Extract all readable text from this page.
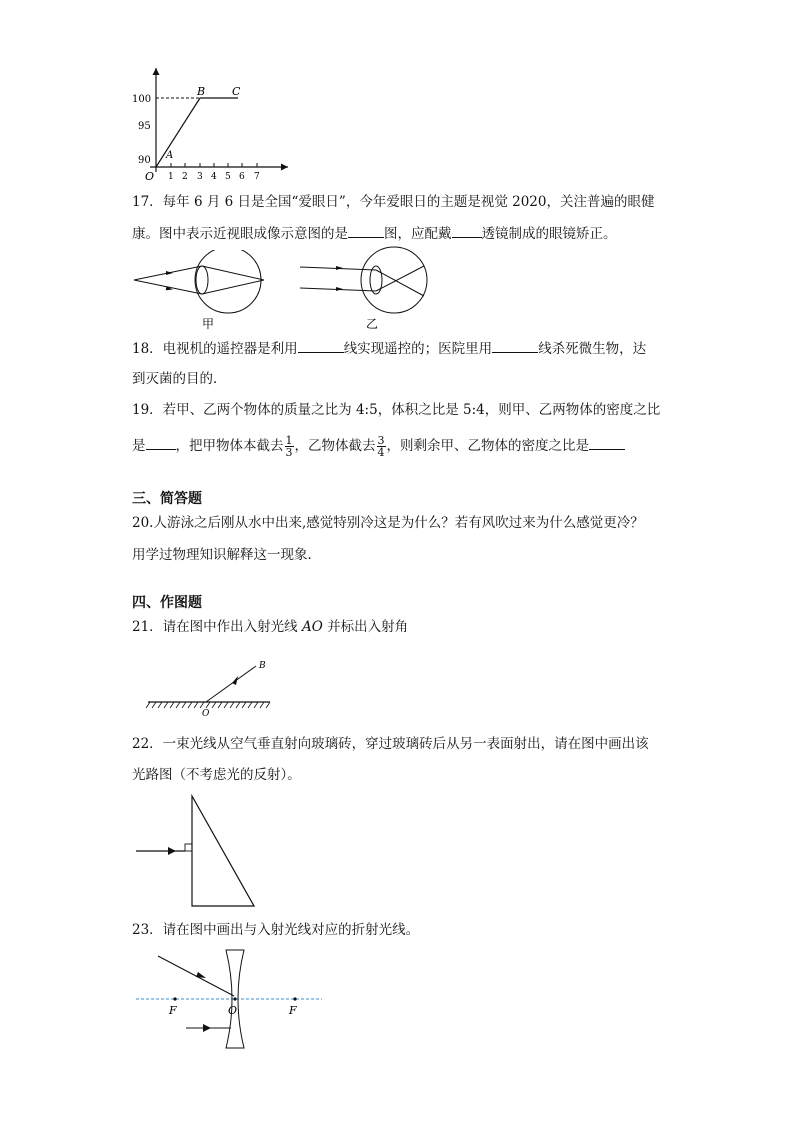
100
95
90
1 2 3 4 5 6 7
O
A
B C
17．每年 6 月 6 日是全国“爱眼日”，今年爱眼日的主题是视觉 2020，关注普遍的眼健
康。图中表示近视眼成像示意图的是	图，应配戴 透镜制成的眼镜矫正。
甲	乙
18．电视机的遥控器是利用	线实现遥控的；医院里用	线杀死微生物，达
到灭菌的目的．
19．若甲、乙两个物体的质量之比为 4:5，体积之比是 5:4，则甲、乙两物体的密度之比
是 ，把甲物体本截去 $\frac{1}{3}$ ，乙物体截去 $\frac{3}{4}$ ，则剩余甲、乙物体的密度之比是
三、简答题
20.人游泳之后刚从水中出来,感觉特别冷这是为什么？若有风吹过来为什么感觉更冷？
用学过物理知识解释这一现象．
四、作图题
21．请在图中作出入射光线 AO 并标出入射角
B
O
22．一束光线从空气垂直射向玻璃砖，穿过玻璃砖后从另一表面射出，请在图中画出该
光路图（不考虑光的反射）。
23．请在图中画出与入射光线对应的折射光线。
F	O	F
